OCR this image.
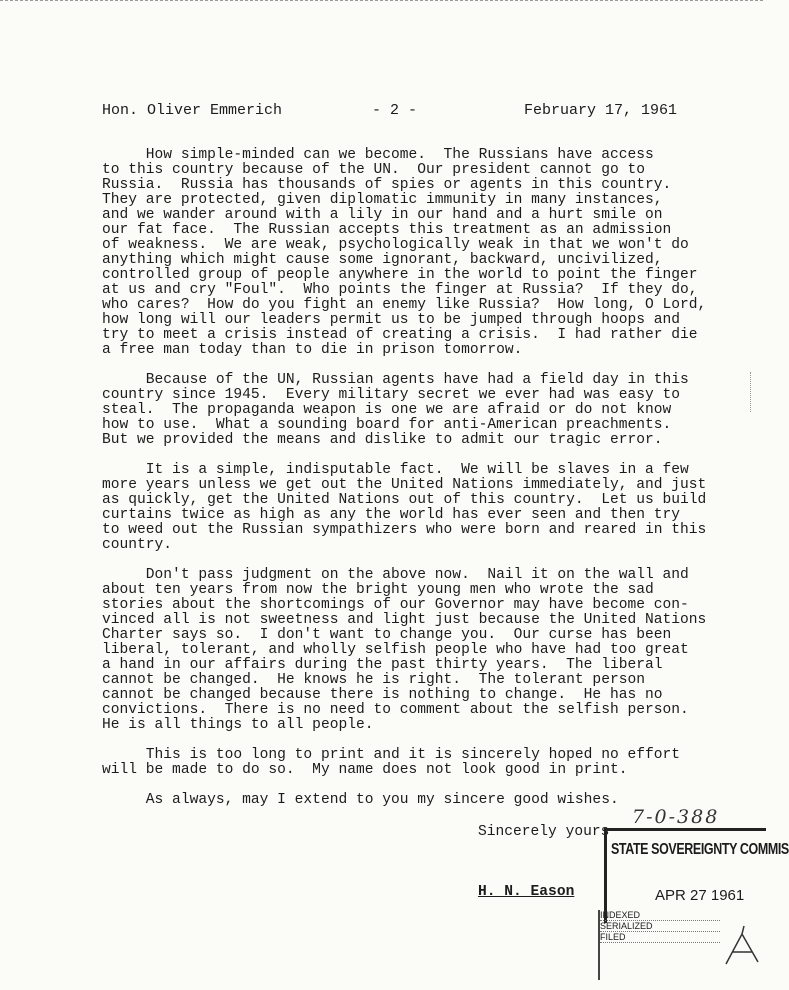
Hon. Oliver Emmerich	- 2 -	February 17, 1961
How simple-minded can we become.  The Russians have access
to this country because of the UN.  Our president cannot go to
Russia.  Russia has thousands of spies or agents in this country.
They are protected, given diplomatic immunity in many instances,
and we wander around with a lily in our hand and a hurt smile on
our fat face.  The Russian accepts this treatment as an admission
of weakness.  We are weak, psychologically weak in that we won't do
anything which might cause some ignorant, backward, uncivilized,
controlled group of people anywhere in the world to point the finger
at us and cry "Foul".  Who points the finger at Russia?  If they do,
who cares?  How do you fight an enemy like Russia?  How long, O Lord,
how long will our leaders permit us to be jumped through hoops and
try to meet a crisis instead of creating a crisis.  I had rather die
a free man today than to die in prison tomorrow.
Because of the UN, Russian agents have had a field day in this
country since 1945.  Every military secret we ever had was easy to
steal.  The propaganda weapon is one we are afraid or do not know
how to use.  What a sounding board for anti-American preachments.
But we provided the means and dislike to admit our tragic error.
It is a simple, indisputable fact.  We will be slaves in a few
more years unless we get out the United Nations immediately, and just
as quickly, get the United Nations out of this country.  Let us build
curtains twice as high as any the world has ever seen and then try
to weed out the Russian sympathizers who were born and reared in this
country.
Don't pass judgment on the above now.  Nail it on the wall and
about ten years from now the bright young men who wrote the sad
stories about the shortcomings of our Governor may have become con-
vinced all is not sweetness and light just because the United Nations
Charter says so.  I don't want to change you.  Our curse has been
liberal, tolerant, and wholly selfish people who have had too great
a hand in our affairs during the past thirty years.  The liberal
cannot be changed.  He knows he is right.  The tolerant person
cannot be changed because there is nothing to change.  He has no
convictions.  There is no need to comment about the selfish person.
He is all things to all people.
This is too long to print and it is sincerely hoped no effort
will be made to do so.  My name does not look good in print.
As always, may I extend to you my sincere good wishes.
Sincerely yours
H. N. Eason
7-0-388
STATE SOVEREIGNTY COMMIS
APR 27 1961
INDEXED
SERIALIZED
FILED
